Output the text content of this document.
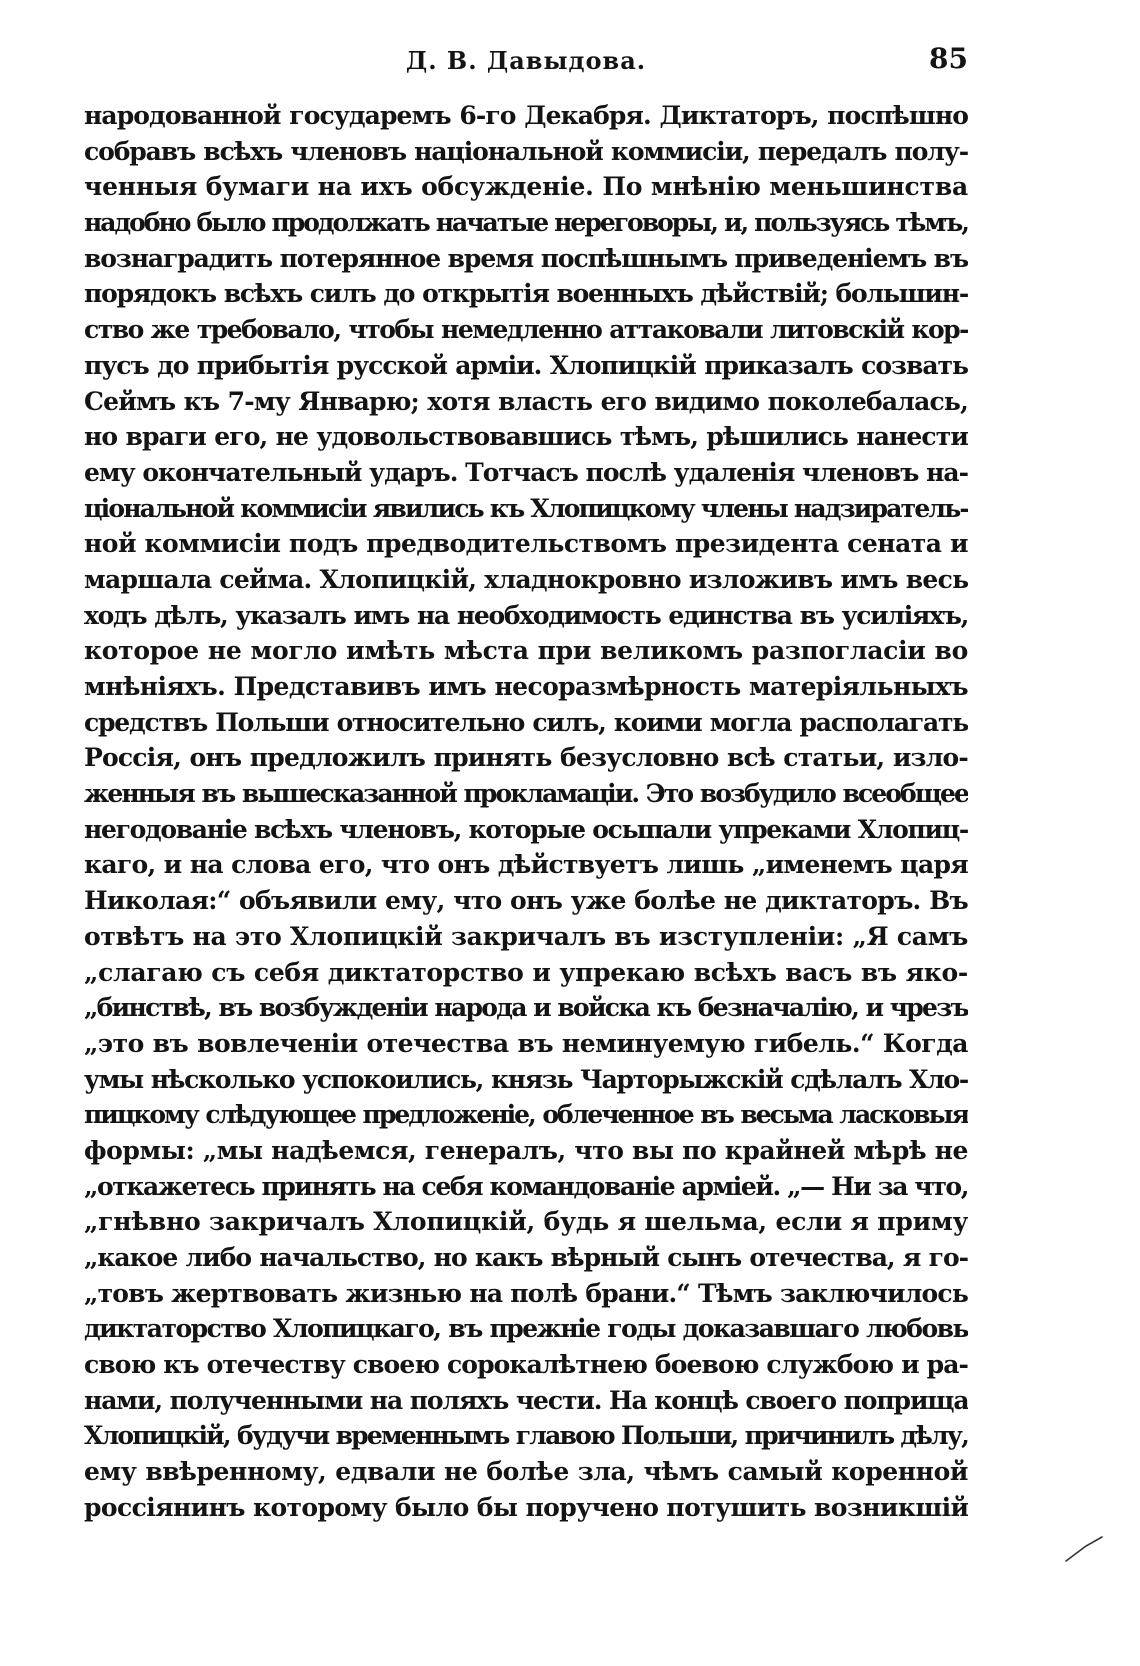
Д. В. Давыдова.	85
народованной государемъ 6-го Декабря. Диктаторъ, поспѣшно
собравъ всѣхъ членовъ національной коммисіи, передалъ полу-
ченныя бумаги на ихъ обсужденіе. По мнѣнію меньшинства
надобно было продолжать начатые нереговоры, и, пользуясь тѣмъ,
вознаградить потерянное время поспѣшнымъ приведеніемъ въ
порядокъ всѣхъ силъ до открытія военныхъ дѣйствій; большин-
ство же требовало, чтобы немедленно аттаковали литовскій кор-
пусъ до прибытія русской арміи. Хлопицкій приказалъ созвать
Сеймъ къ 7-му Январю; хотя власть его видимо поколебалась,
но враги его, не удовольствовавшись тѣмъ, рѣшились нанести
ему окончательный ударъ. Тотчасъ послѣ удаленія членовъ на-
ціональной коммисіи явились къ Хлопицкому члены надзиратель-
ной коммисіи подъ предводительствомъ президента сената и
маршала сейма. Хлопицкій, хладнокровно изложивъ имъ весь
ходъ дѣлъ, указалъ имъ на необходимость единства въ усиліяхъ,
которое не могло имѣть мѣста при великомъ разпогласіи во
мнѣніяхъ. Представивъ имъ несоразмѣрность матеріяльныхъ
средствъ Польши относительно силъ, коими могла располагать
Россія, онъ предложилъ принять безусловно всѣ статьи, изло-
женныя въ вышесказанной прокламаціи. Это возбудило всеобщее
негодованіе всѣхъ членовъ, которые осыпали упреками Хлопиц-
каго, и на слова его, что онъ дѣйствуетъ лишь „именемъ царя
Николая:“ объявили ему, что онъ уже болѣе не диктаторъ. Въ
отвѣтъ на это Хлопицкій закричалъ въ изступленіи: „Я самъ
„слагаю съ себя диктаторство и упрекаю всѣхъ васъ въ яко-
„бинствѣ, въ возбужденіи народа и войска къ безначалію, и чрезъ
„это въ вовлеченіи отечества въ неминуемую гибель.“ Когда
умы нѣсколько успокоились, князь Чарторыжскій сдѣлалъ Хло-
пицкому слѣдующее предложеніе, облеченное въ весьма ласковыя
формы: „мы надѣемся, генералъ, что вы по крайней мѣрѣ не
„откажетесь принять на себя командованіе арміей. „— Ни за что,
„гнѣвно закричалъ Хлопицкій, будь я шельма, если я приму
„какое либо начальство, но какъ вѣрный сынъ отечества, я го-
„товъ жертвовать жизнью на полѣ брани.“ Тѣмъ заключилось
диктаторство Хлопицкаго, въ прежніе годы доказавшаго любовь
свою къ отечеству своею сорокалѣтнею боевою службою и ра-
нами, полученными на поляхъ чести. На концѣ своего поприща
Хлопицкій, будучи временнымъ главою Польши, причинилъ дѣлу,
ему ввѣренному, едвали не болѣе зла, чѣмъ самый коренной
россіянинъ которому было бы поручено потушить возникшій
